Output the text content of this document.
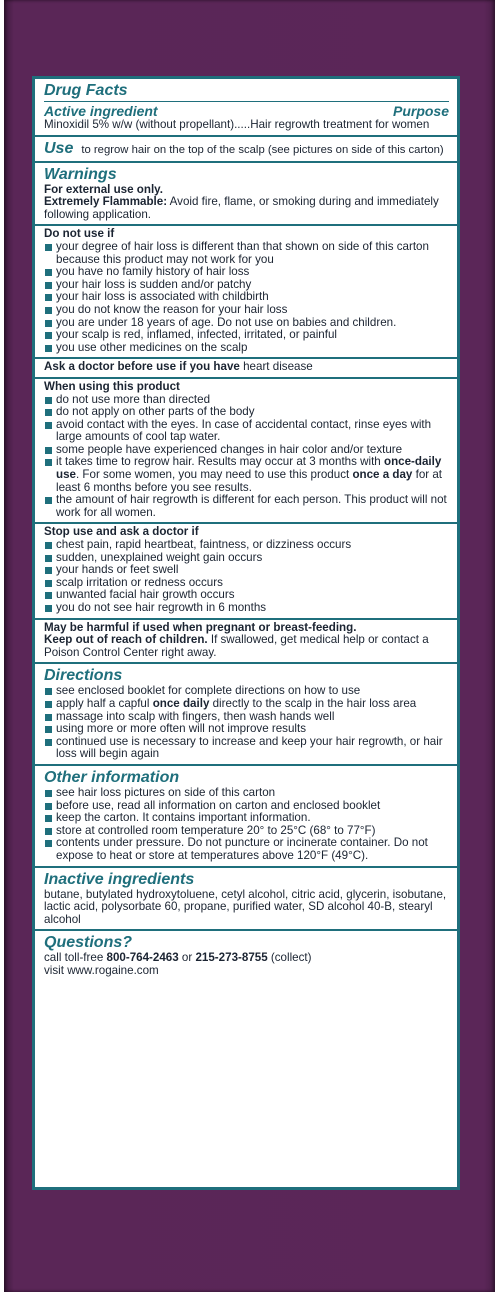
Drug Facts
Active ingredient	Purpose
Minoxidil 5% w/w (without propellant).....Hair regrowth treatment for women
Use to regrow hair on the top of the scalp (see pictures on side of this carton)
Warnings
For external use only.
Extremely Flammable: Avoid fire, flame, or smoking during and immediately following application.
Do not use if
your degree of hair loss is different than that shown on side of this carton because this product may not work for you
you have no family history of hair loss
your hair loss is sudden and/or patchy
your hair loss is associated with childbirth
you do not know the reason for your hair loss
you are under 18 years of age. Do not use on babies and children.
your scalp is red, inflamed, infected, irritated, or painful
you use other medicines on the scalp
Ask a doctor before use if you have heart disease
When using this product
do not use more than directed
do not apply on other parts of the body
avoid contact with the eyes. In case of accidental contact, rinse eyes with large amounts of cool tap water.
some people have experienced changes in hair color and/or texture
it takes time to regrow hair. Results may occur at 3 months with once-daily use. For some women, you may need to use this product once a day for at least 6 months before you see results.
the amount of hair regrowth is different for each person. This product will not work for all women.
Stop use and ask a doctor if
chest pain, rapid heartbeat, faintness, or dizziness occurs
sudden, unexplained weight gain occurs
your hands or feet swell
scalp irritation or redness occurs
unwanted facial hair growth occurs
you do not see hair regrowth in 6 months
May be harmful if used when pregnant or breast-feeding.
Keep out of reach of children. If swallowed, get medical help or contact a Poison Control Center right away.
Directions
see enclosed booklet for complete directions on how to use
apply half a capful once daily directly to the scalp in the hair loss area
massage into scalp with fingers, then wash hands well
using more or more often will not improve results
continued use is necessary to increase and keep your hair regrowth, or hair loss will begin again
Other information
see hair loss pictures on side of this carton
before use, read all information on carton and enclosed booklet
keep the carton. It contains important information.
store at controlled room temperature 20° to 25°C (68° to 77°F)
contents under pressure. Do not puncture or incinerate container. Do not expose to heat or store at temperatures above 120°F (49°C).
Inactive ingredients
butane, butylated hydroxytoluene, cetyl alcohol, citric acid, glycerin, isobutane, lactic acid, polysorbate 60, propane, purified water, SD alcohol 40-B, stearyl alcohol
Questions?
call toll-free 800-764-2463 or 215-273-8755 (collect)
visit www.rogaine.com
